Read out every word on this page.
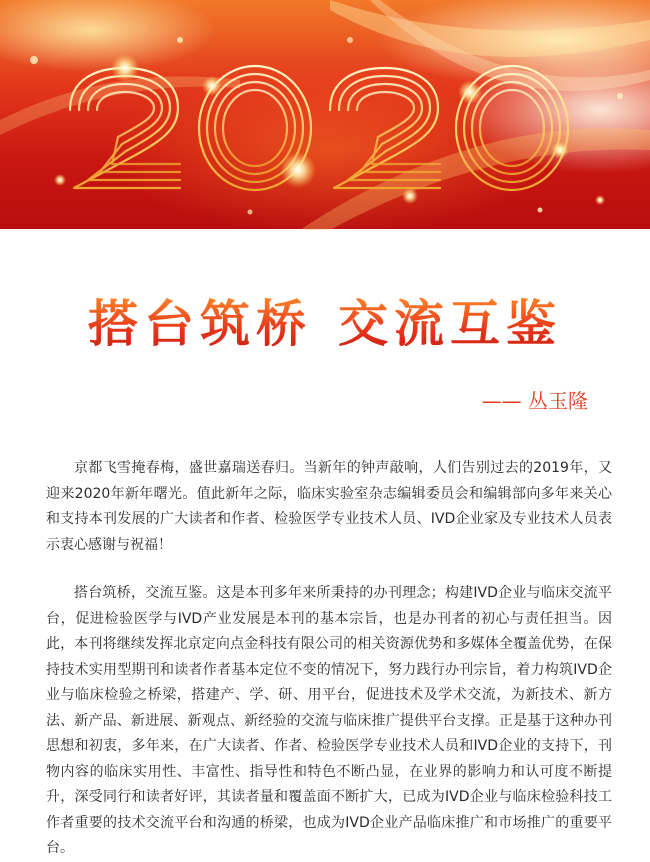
搭台筑桥 交流互鉴
—— 丛玉隆

京都飞雪掩春梅，盛世嘉瑞送春归。当新年的钟声敲响，人们告别过去的2019年，又迎来2020年新年曙光。值此新年之际，临床实验室杂志编辑委员会和编辑部向多年来关心和支持本刊发展的广大读者和作者、检验医学专业技术人员、IVD企业家及专业技术人员表示衷心感谢与祝福！

搭台筑桥，交流互鉴。这是本刊多年来所秉持的办刊理念；构建IVD企业与临床交流平台，促进检验医学与IVD产业发展是本刊的基本宗旨，也是办刊者的初心与责任担当。因此，本刊将继续发挥北京定向点金科技有限公司的相关资源优势和多媒体全覆盖优势，在保持技术实用型期刊和读者作者基本定位不变的情况下，努力践行办刊宗旨，着力构筑IVD企业与临床检验之桥梁，搭建产、学、研、用平台，促进技术及学术交流，为新技术、新方法、新产品、新进展、新观点、新经验的交流与临床推广提供平台支撑。正是基于这种办刊思想和初衷，多年来，在广大读者、作者、检验医学专业技术人员和IVD企业的支持下，刊物内容的临床实用性、丰富性、指导性和特色不断凸显，在业界的影响力和认可度不断提升，深受同行和读者好评，其读者量和覆盖面不断扩大，已成为IVD企业与临床检验科技工作者重要的技术交流平台和沟通的桥梁，也成为IVD企业产品临床推广和市场推广的重要平台。
